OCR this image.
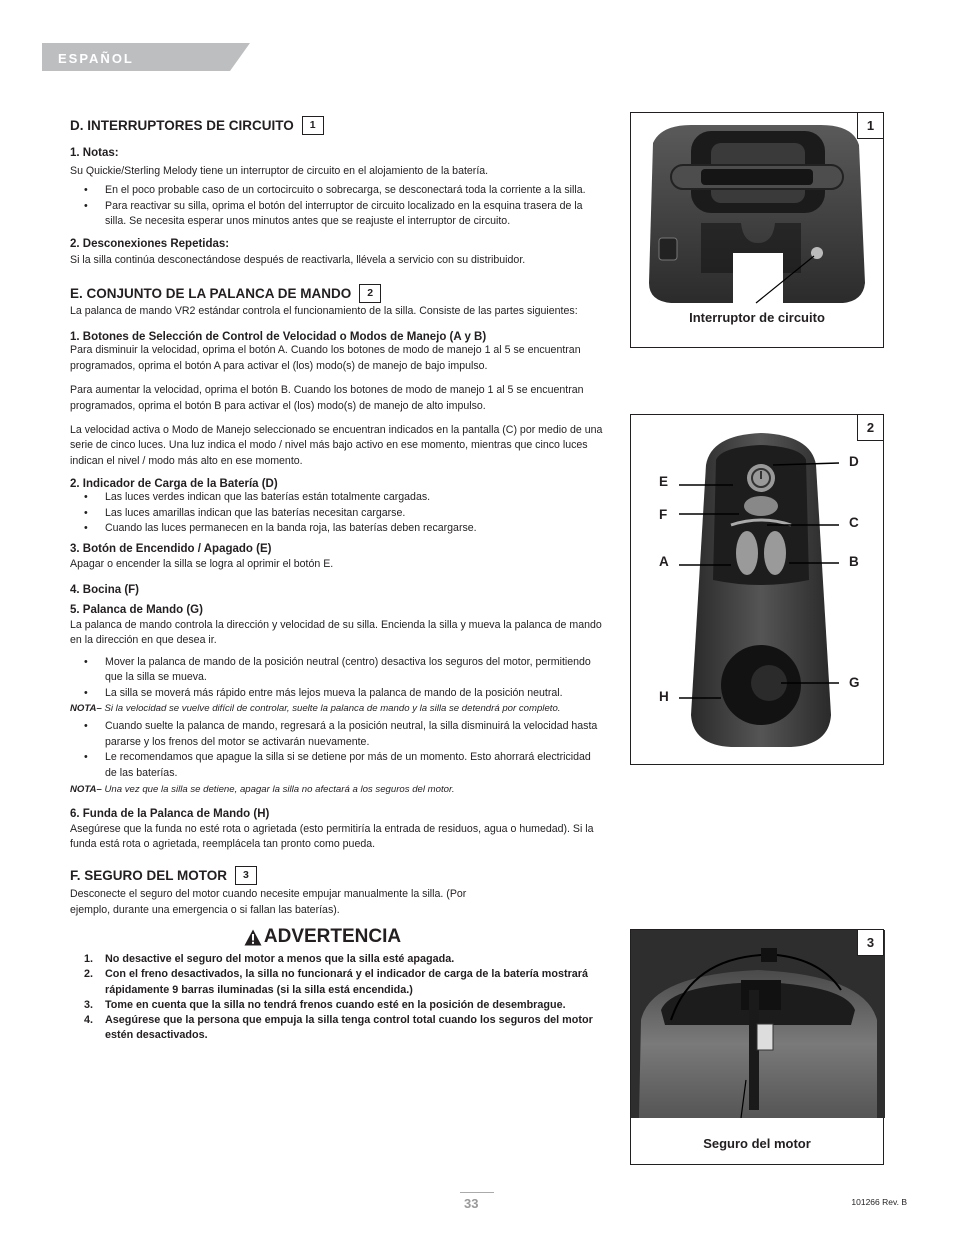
ESPAÑOL
D. INTERRUPTORES DE CIRCUITO	1
1. Notas:
Su Quickie/Sterling Melody tiene un interruptor de circuito en el alojamiento de la batería.
• En el poco probable caso de un cortocircuito o sobrecarga, se desconectará toda la corriente a la silla.
• Para reactivar su silla, oprima el botón del interruptor de circuito localizado en la esquina trasera de la silla. Se necesita esperar unos minutos antes que se reajuste el interruptor de circuito.
2. Desconexiones Repetidas:
Si la silla continúa desconectándose después de reactivarla, llévela a servicio con su distribuidor.
E. CONJUNTO DE LA PALANCA DE MANDO	2
La palanca de mando VR2 estándar controla el funcionamiento de la silla. Consiste de las partes siguientes:
1. Botones de Selección de Control de Velocidad o Modos de Manejo (A y B)
Para disminuir la velocidad, oprima el botón A. Cuando los botones de modo de manejo 1 al 5 se encuentran programados, oprima el botón A para activar el (los) modo(s) de manejo de bajo impulso.
Para aumentar la velocidad, oprima el botón B. Cuando los botones de modo de manejo 1 al 5 se encuentran programados, oprima el botón B para activar el (los) modo(s) de manejo de alto impulso.
La velocidad activa o Modo de Manejo seleccionado se encuentran indicados en la pantalla (C) por medio de una serie de cinco luces. Una luz indica el modo / nivel más bajo activo en ese momento, mientras que cinco luces indican el nivel / modo más alto en ese momento.
2. Indicador de Carga de la Batería (D)
• Las luces verdes indican que las baterías están totalmente cargadas.
• Las luces amarillas indican que las baterías necesitan cargarse.
• Cuando las luces permanecen en la banda roja, las baterías deben recargarse.
3. Botón de Encendido / Apagado (E)
Apagar o encender la silla se logra al oprimir el botón E.
4. Bocina (F)
5. Palanca de Mando (G)
La palanca de mando controla la dirección y velocidad de su silla. Encienda la silla y mueva la palanca de mando en la dirección en que desea ir.
• Mover la palanca de mando de la posición neutral (centro) desactiva los seguros del motor, permitiendo que la silla se mueva.
• La silla se moverá más rápido entre más lejos mueva la palanca de mando de la posición neutral.
NOTA– Si la velocidad se vuelve difícil de controlar, suelte la palanca de mando y la silla se detendrá por completo.
• Cuando suelte la palanca de mando, regresará a la posición neutral, la silla disminuirá la velocidad hasta pararse y los frenos del motor se activarán nuevamente.
• Le recomendamos que apague la silla si se detiene por más de un momento. Esto ahorrará electricidad de las baterías.
NOTA– Una vez que la silla se detiene, apagar la silla no afectará a los seguros del motor.
6. Funda de la Palanca de Mando (H)
Asegúrese que la funda no esté rota o agrietada (esto permitiría la entrada de residuos, agua o humedad). Si la funda está rota o agrietada, reemplácela tan pronto como pueda.
F. SEGURO DEL MOTOR	3
Desconecte el seguro del motor cuando necesite empujar manualmente la silla. (Por ejemplo, durante una emergencia o si fallan las baterías).
ADVERTENCIA
1. No desactive el seguro del motor a menos que la silla esté apagada.
2. Con el freno desactivados, la silla no funcionará y el indicador de carga de la batería mostrará rápidamente 9 barras iluminadas (si la silla está encendida.)
3. Tome en cuenta que la silla no tendrá frenos cuando esté en la posición de desembrague.
4. Asegúrese que la persona que empuja la silla tenga control total cuando los seguros del motor estén desactivados.
1
Interruptor de circuito
2
D
E
F
C
A	B
G
H
3
Seguro del motor
33	101266 Rev. B
